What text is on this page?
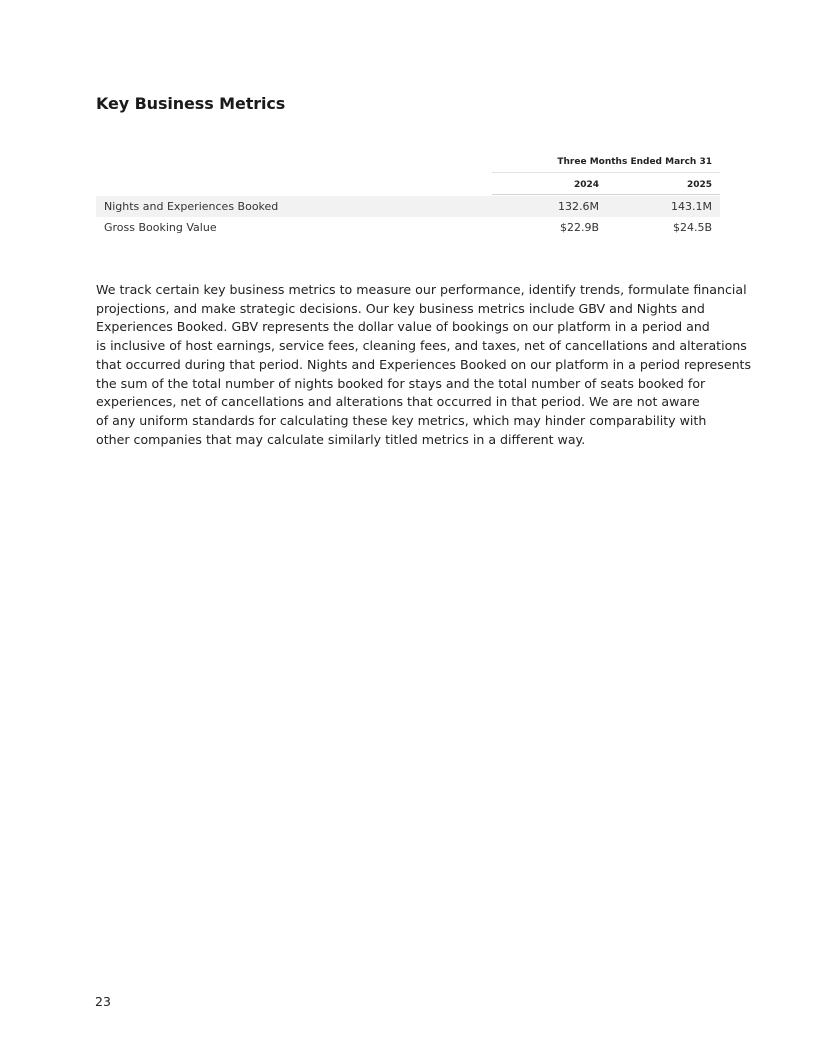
Key Business Metrics
Three Months Ended March 31
2024	2025
Nights and Experiences Booked	132.6M	143.1M
Gross Booking Value	$22.9B	$24.5B

We track certain key business metrics to measure our performance, identify trends, formulate financial
projections, and make strategic decisions. Our key business metrics include GBV and Nights and
Experiences Booked. GBV represents the dollar value of bookings on our platform in a period and
is inclusive of host earnings, service fees, cleaning fees, and taxes, net of cancellations and alterations
that occurred during that period. Nights and Experiences Booked on our platform in a period represents
the sum of the total number of nights booked for stays and the total number of seats booked for
experiences, net of cancellations and alterations that occurred in that period. We are not aware
of any uniform standards for calculating these key metrics, which may hinder comparability with
other companies that may calculate similarly titled metrics in a different way.

23
